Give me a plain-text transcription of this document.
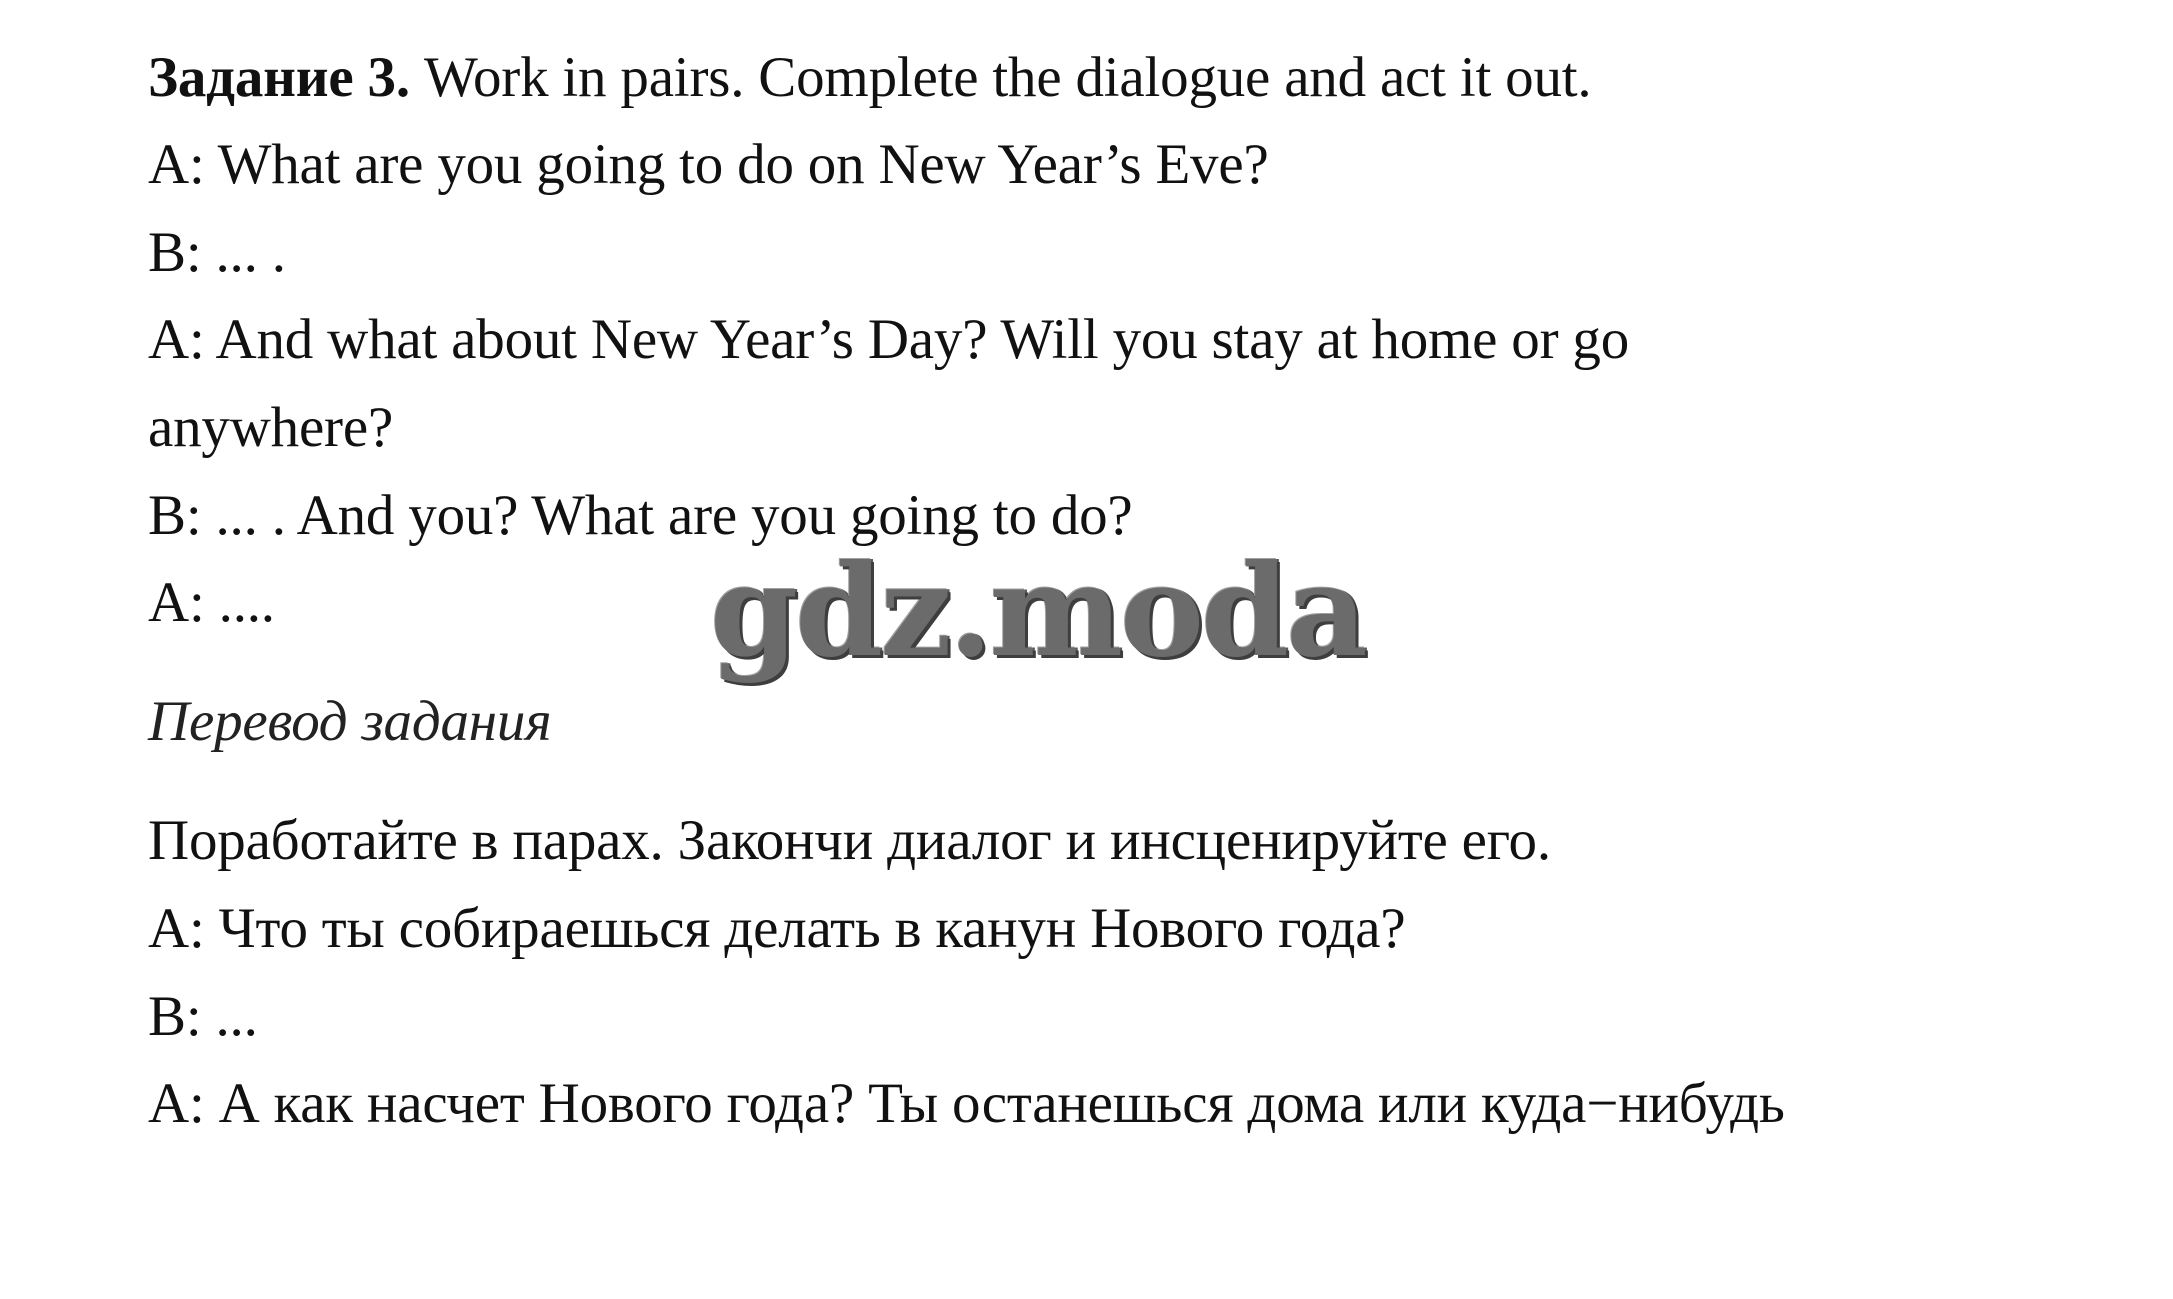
Задание 3. Work in pairs. Complete the dialogue and act it out.
A: What are you going to do on New Year’s Eve?
B: ... .
A: And what about New Year’s Day? Will you stay at home or go
anywhere?
B: ... . And you? What are you going to do?
A: ....	gdz.moda
Перевод задания
Поработайте в парах. Закончи диалог и инсценируйте его.
A: Что ты собираешься делать в канун Нового года?
B: ...
A: А как насчет Нового года? Ты останешься дома или куда−нибудь
